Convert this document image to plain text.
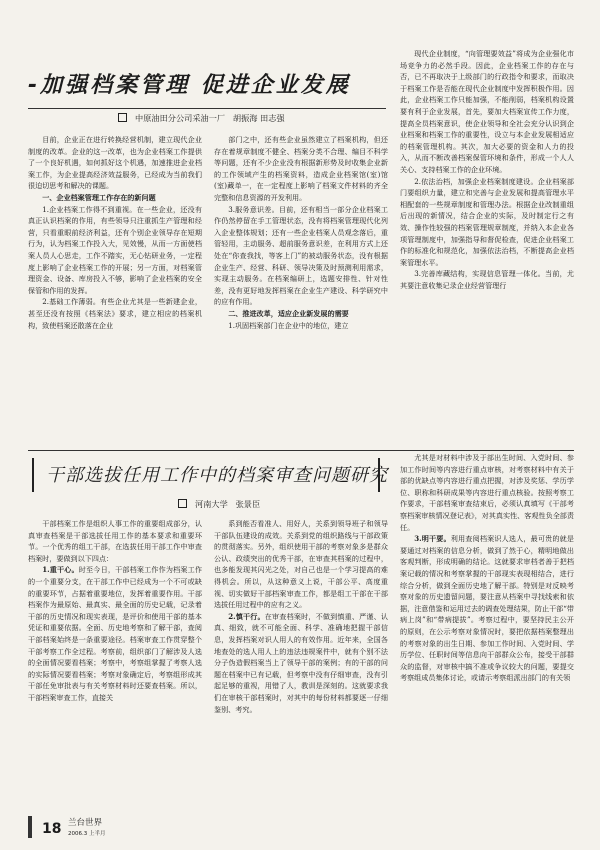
-加强档案管理 促进企业发展
中原油田分公司采油一厂 胡振海 田志强

目前，企业正在进行转换经营机制，建立现代企业制度的改革。企业的这一改革，也为企业档案工作提供了一个良好机遇，如何抓好这个机遇，加速推进企业档案工作，为企业提高经济效益服务，已经成为当前我们很迫切思考和解决的课题。

一、企业档案管理工作存在的新问题

1.企业档案工作得不到重视。在一些企业，还没有真正认识档案的作用，有些领导只注重抓生产管理和经营，只看重眼前经济利益，还有个别企业领导存在短期行为，认为档案工作投入大，见效慢，从而一方面使档案人员人心思走，工作不踏实，无心钻研业务，一定程度上影响了企业档案工作的开展；另一方面，对档案管理资金、设备、库房投入不够，影响了企业档案的安全保管和作用的发挥。

2.基础工作薄弱。有些企业尤其是一些新建企业，甚至还没有按照《档案法》要求，建立相应的档案机构，致使档案还散落在企业

部门之中，还有些企业虽然建立了档案机构，但还存在着规章制度不健全、档案分类不合理、编目不科学等问题，还有不少企业没有根据新形势及时收集企业新的工作领域产生的档案资料，造成企业档案馆(室)馆(室)藏单一，在一定程度上影响了档案文件材料的齐全完整和信息资源的开发利用。

3.服务意识差。目前，还有相当一部分企业档案工作仍然停留在手工管理状态，没有将档案管理现代化列入企业整体规划；还有一些企业档案人员观念落后，重管轻用，主动服务、超前服务意识差，在利用方式上还处在“你查我找，等客上门”的被动服务状态，没有根据企业生产、经营、科研、领导决策及时预测利用需求，实现主动服务。在档案编研上，选题安排性、针对性差，没有更好地发挥档案在企业生产建设、科学研究中的应有作用。

二、推进改革，适应企业新发展的需要

1.巩固档案部门在企业中的地位，建立

现代企业制度，“向管理要效益”将成为企业强化市场竞争力的必然手段。因此，企业档案工作的存在与否，已不再取决于上级部门的行政指令和要求，而取决于档案工作是否能在现代企业制度中发挥积极作用。因此，企业档案工作只能加强，不能削弱，档案机构设置要有利于企业发展，首先，要加大档案宣传工作力度，提高全员档案意识，使企业领导和全社会充分认识到企业档案和档案工作的重要性，设立与本企业发展相适应的档案管理机构。其次，加大必要的资金和人力的投入，从而不断改善档案保管环境和条件，形成一个人人关心、支持档案工作的企业环境。

2.依法治档，加强企业档案制度建设。企业档案部门要组织力量，建立和完善与企业发展和提高管理水平相配套的一些规章制度和管理办法。根据企业改制重组后出现的新情况，结合企业的实际，及时制定行之有效、操作性较强的档案管理规章制度，并纳入本企业各项管理制度中，加强指导和督促检查，促进企业档案工作的标准化和规范化，加强依法治档，不断提高企业档案管理水平。

3.完善库藏结构，实现信息管理一体化。当前，尤其要注意收集记录企业经营管理行

干部选拔任用工作中的档案审查问题研究
河南大学 张景臣

干部档案工作是组织人事工作的重要组成部分，认真审查档案是干部选拔任用工作的基本要求和重要环节。一个优秀的组工干部，在选拔任用干部工作中审查档案时，要做到以下四点：

1.重干心。时至今日，干部档案工作作为档案工作的一个重要分支，在干部工作中已经成为一个不可或缺的重要环节，占据着重要地位，发挥着重要作用。干部档案作为最原始、最真实、最全面的历史记载，记录着干部的历史情况和现实表现，是评价和使用干部的基本凭证和重要依据。全面、历史地考察和了解干部，查阅干部档案始终是一条重要途径。档案审查工作贯穿整个干部考察工作全过程。考察前，组织部门了解涉及人选的全面情况要看档案；考察中，考察组掌握了考察人选的实际情况要看档案；考察对象确定后，考察组形成其干部任免审批表与有关考察材料时还要查档案。所以，干部档案审查工作，直接关

系到能否看准人、用好人，关系到领导班子和领导干部队伍建设的成效。关系到党的组织路线与干部政策的贯彻落实。另外，组织使用干部的考察对象多是群众公认、政绩突出的优秀干部，在审查其档案的过程中，也多能发现其闪光之处，对自己也是一个学习提高的难得机会。所以，从这种意义上说，干部公平、高度重视、切实做好干部档案审查工作，都是组工干部在干部选拔任用过程中的应有之义。

2.慎干行。在审查档案时，不做到慎重、严谨、认真、细致，就不可能全面、科学、准确地把握干部信息，发挥档案对识人用人的有效作用。近年来，全国各地查处的选人用人上的违法违规案件中，就有个别不法分子伪造假档案当上了领导干部的案例；有的干部的问题在档案中已有记载，但考察中没有仔细审查，没有引起足够的重视，用错了人，教训是深刻的。这就要求我们在审核干部档案时，对其中的每份材料都要逐一仔细鉴别、考究。

尤其是对材料中涉及于部出生时间、入党时间、参加工作时间等内容进行重点审核，对考察材料中有关于部的优缺点等内容进行重点把握，对涉及奖惩、学历学位、职称和科研成果等内容进行重点核验。按照考察工作要求，干部档案审查结束后，必须认真填写《干部考察档案审核情况登记表》，对其真实性、客观性负全部责任。

3.明干要。利用查阅档案识人选人，最可贵的就是要通过对档案的信息分析，做到了然于心，精明地做出客观判断，形成明确的结论。这就要求审档者善于把档案记载的情况和考察掌握的干部现实表现相结合，进行综合分析，做到全面历史地了解干部。特别是对反映考察对象的历史遗留问题，要注意从档案中寻找线索和依据，注意借鉴和运用过去的调查处理结果，防止干部“带病上岗”和“带病提拔”。考察过程中，要坚持民主公开的原则，在公示考察对象情况时，要把依据档案整理出的考察对象的出生日期、参加工作时间、入党时间、学历学位、任职时间等信息向干部群众公布，接受干部群众的监督，对审核中搞不准或争议较大的问题，要提交考察组成员集体讨论，或请示考察组派出部门的有关领

18 兰台世界
2006.3 上半月
